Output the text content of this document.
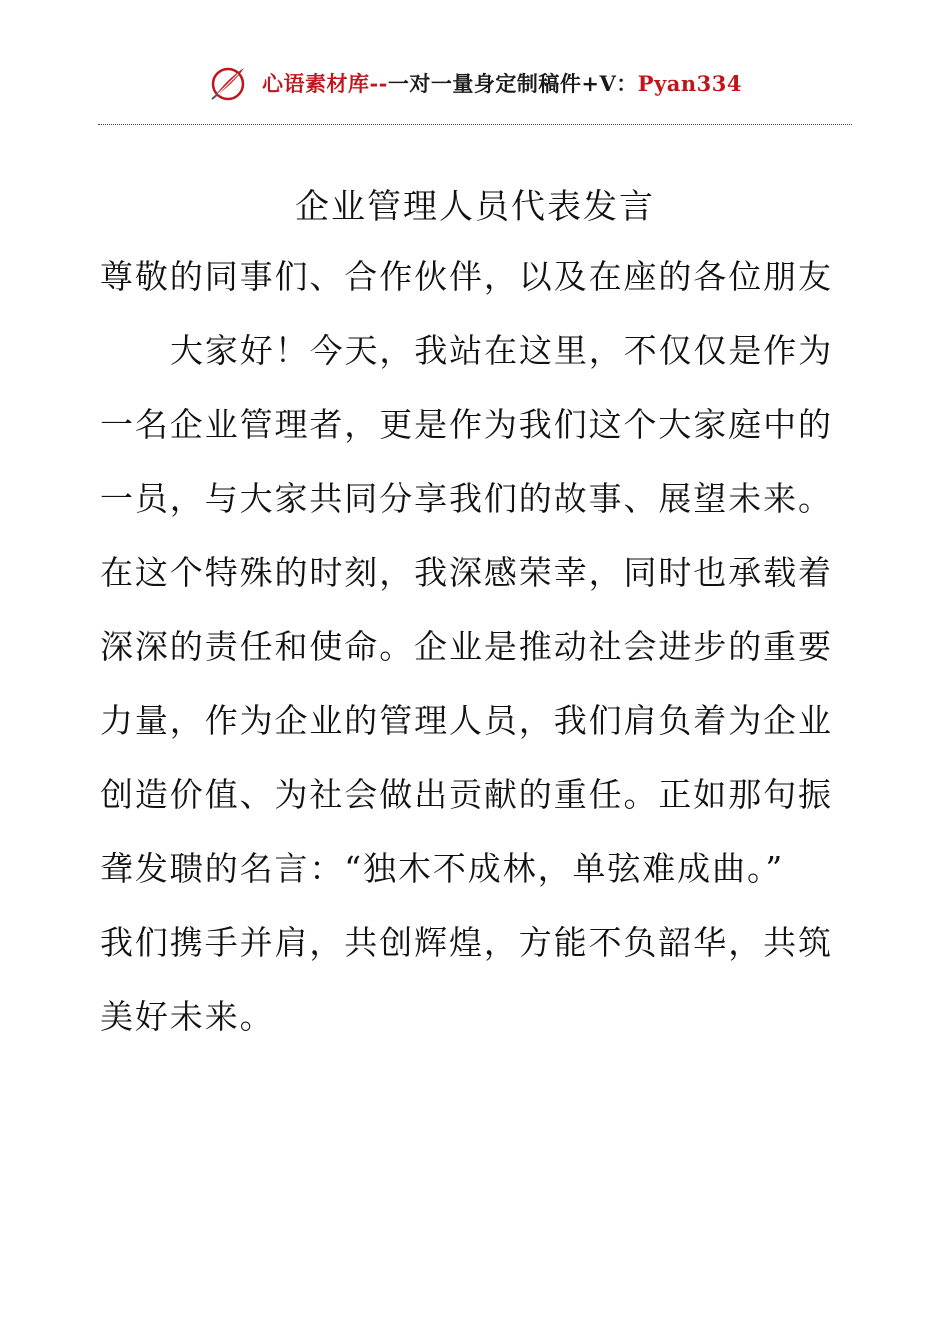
心语素材库--一对一量身定制稿件+V：Pyan334
企业管理人员代表发言
尊敬的同事们、合作伙伴，以及在座的各位朋友
大家好！今天，我站在这里，不仅仅是作为
一名企业管理者，更是作为我们这个大家庭中的
一员，与大家共同分享我们的故事、展望未来。
在这个特殊的时刻，我深感荣幸，同时也承载着
深深的责任和使命。企业是推动社会进步的重要
力量，作为企业的管理人员，我们肩负着为企业
创造价值、为社会做出贡献的重任。正如那句振
聋发聩的名言：“独木不成林，单弦难成曲。”
我们携手并肩，共创辉煌，方能不负韶华，共筑
美好未来。
